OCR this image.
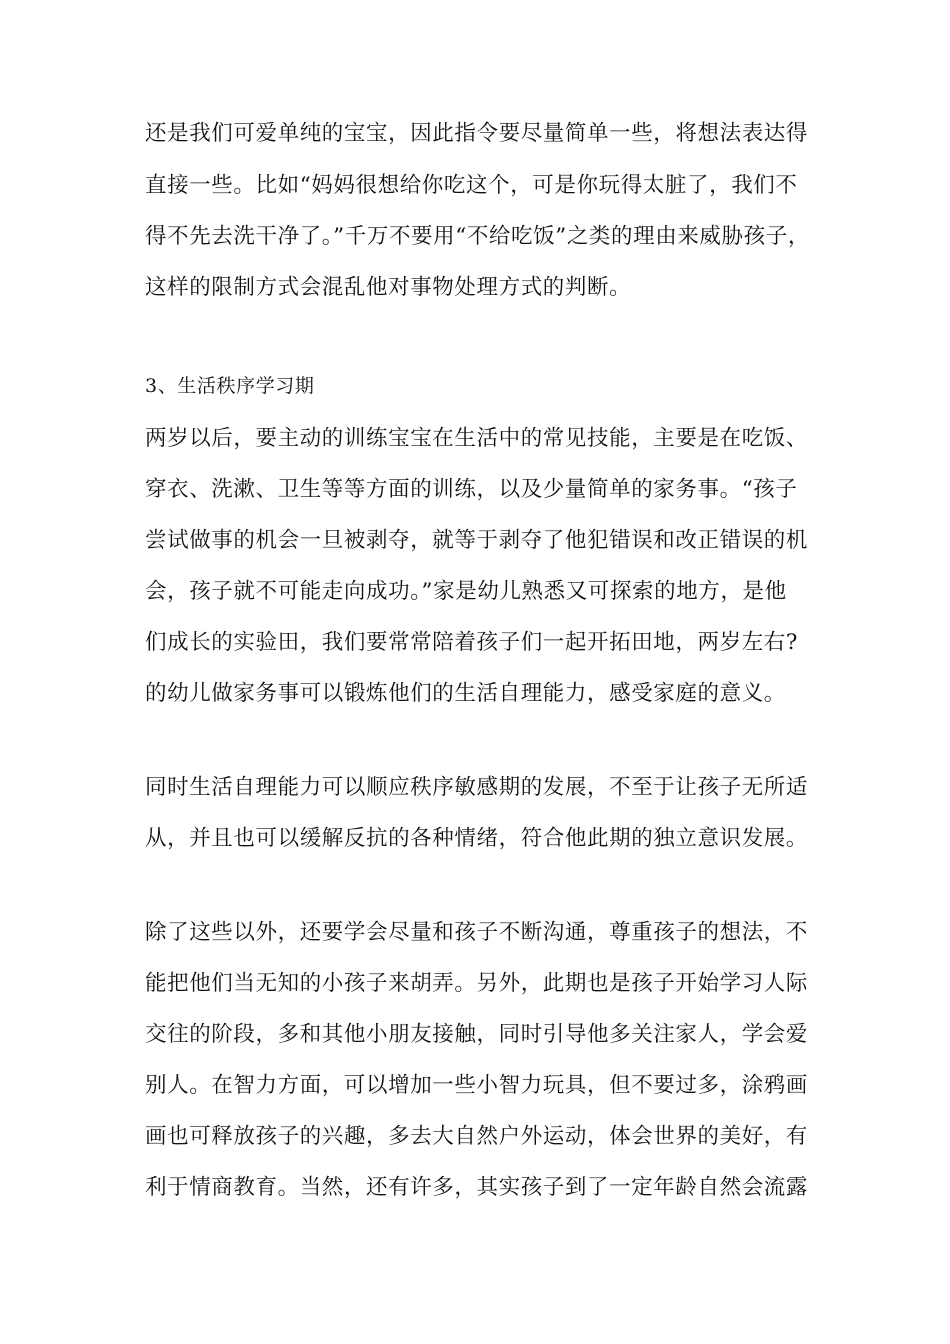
还是我们可爱单纯的宝宝，因此指令要尽量简单一些，将想法表达得
直接一些。比如“妈妈很想给你吃这个，可是你玩得太脏了，我们不
得不先去洗干净了。”千万不要用“不给吃饭”之类的理由来威胁孩子，
这样的限制方式会混乱他对事物处理方式的判断。
3、生活秩序学习期
两岁以后，要主动的训练宝宝在生活中的常见技能，主要是在吃饭、
穿衣、洗漱、卫生等等方面的训练，以及少量简单的家务事。“孩子
尝试做事的机会一旦被剥夺，就等于剥夺了他犯错误和改正错误的机
会，孩子就不可能走向成功。”家是幼儿熟悉又可探索的地方，是他
们成长的实验田，我们要常常陪着孩子们一起开拓田地，两岁左右?
的幼儿做家务事可以锻炼他们的生活自理能力，感受家庭的意义。
同时生活自理能力可以顺应秩序敏感期的发展，不至于让孩子无所适
从，并且也可以缓解反抗的各种情绪，符合他此期的独立意识发展。
除了这些以外，还要学会尽量和孩子不断沟通，尊重孩子的想法，不
能把他们当无知的小孩子来胡弄。另外，此期也是孩子开始学习人际
交往的阶段，多和其他小朋友接触，同时引导他多关注家人，学会爱
别人。在智力方面，可以增加一些小智力玩具，但不要过多，涂鸦画
画也可释放孩子的兴趣，多去大自然户外运动，体会世界的美好，有
利于情商教育。当然，还有许多，其实孩子到了一定年龄自然会流露
